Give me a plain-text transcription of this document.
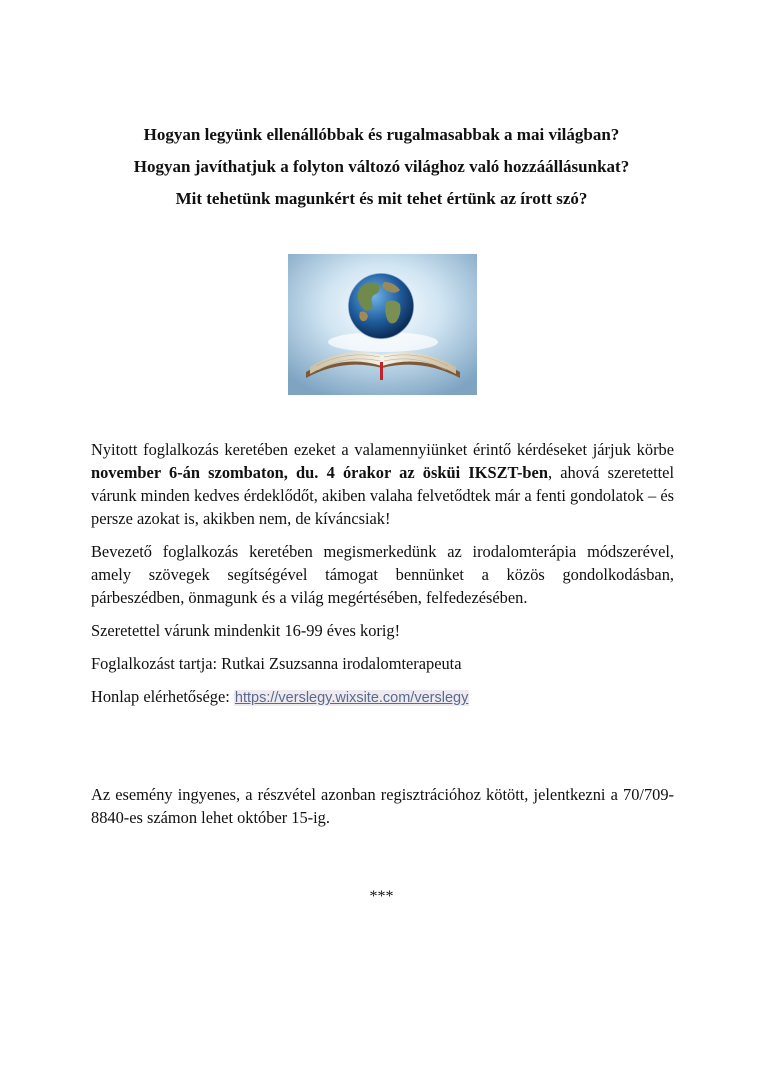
Hogyan legyünk ellenállóbbak és rugalmasabbak a mai világban?
Hogyan javíthatjuk a folyton változó világhoz való hozzáállásunkat?
Mit tehetünk magunkért és mit tehet értünk az írott szó?

Nyitott foglalkozás keretében ezeket a valamennyiünket érintő kérdéseket járjuk körbe november 6-án szombaton, du. 4 órakor az ösküi IKSZT-ben, ahová szeretettel várunk minden kedves érdeklődőt, akiben valaha felvetődtek már a fenti gondolatok – és persze azokat is, akikben nem, de kíváncsiak!

Bevezető foglalkozás keretében megismerkedünk az irodalomterápia módszerével, amely szövegek segítségével támogat bennünket a közös gondolkodásban, párbeszédben, önmagunk és a világ megértésében, felfedezésében.

Szeretettel várunk mindenkit 16-99 éves korig!

Foglalkozást tartja: Rutkai Zsuzsanna irodalomterapeuta

Honlap elérhetősége: https://verslegy.wixsite.com/verslegy

Az esemény ingyenes, a részvétel azonban regisztrációhoz kötött, jelentkezni a 70/709-8840-es számon lehet október 15-ig.

***
